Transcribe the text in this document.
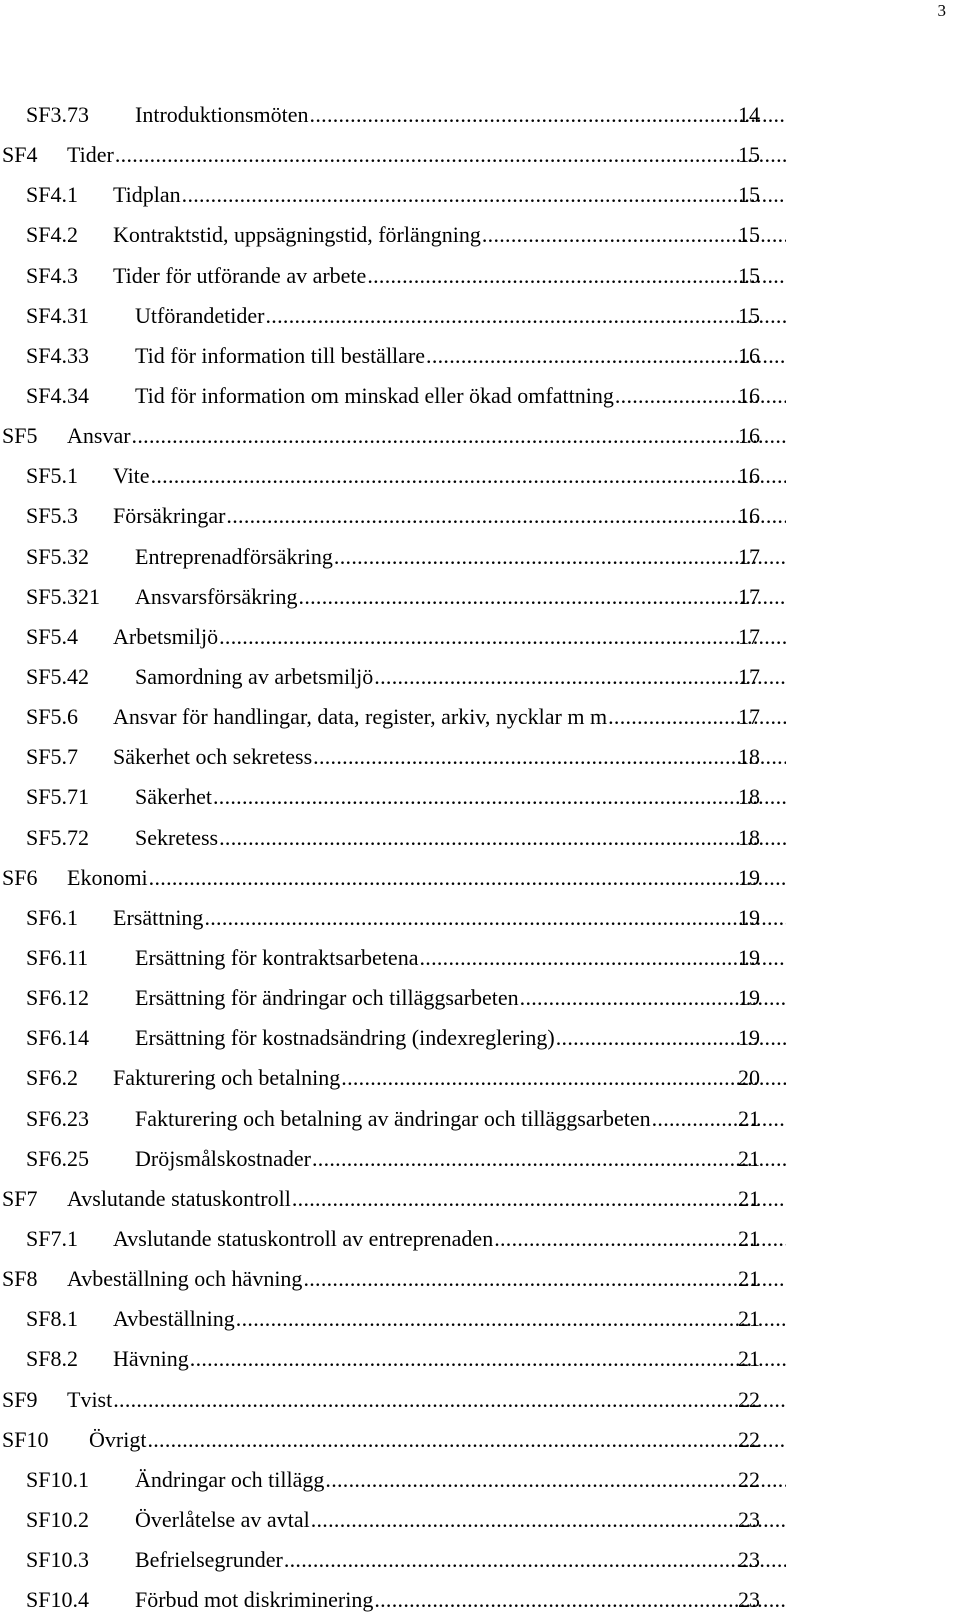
3
SF3.73 Introduktionsmöten .....	14
SF4 Tider .....	15
SF4.1 Tidplan .....	15
SF4.2 Kontraktstid, uppsägningstid, förlängning .....	15
SF4.3 Tider för utförande av arbete .....	15
SF4.31 Utförandetider .....	15
SF4.33 Tid för information till beställare .....	16
SF4.34 Tid för information om minskad eller ökad omfattning .....	16
SF5 Ansvar .....	16
SF5.1 Vite .....	16
SF5.3 Försäkringar .....	16
SF5.32 Entreprenadförsäkring .....	17
SF5.321 Ansvarsförsäkring .....	17
SF5.4 Arbetsmiljö .....	17
SF5.42 Samordning av arbetsmiljö .....	17
SF5.6 Ansvar för handlingar, data, register, arkiv, nycklar m m .....	17
SF5.7 Säkerhet och sekretess .....	18
SF5.71 Säkerhet .....	18
SF5.72 Sekretess .....	18
SF6 Ekonomi .....	19
SF6.1 Ersättning .....	19
SF6.11 Ersättning för kontraktsarbetena .....	19
SF6.12 Ersättning för ändringar och tilläggsarbeten .....	19
SF6.14 Ersättning för kostnadsändring (indexreglering) .....	19
SF6.2 Fakturering och betalning .....	20
SF6.23 Fakturering och betalning av ändringar och tilläggsarbeten .....	21
SF6.25 Dröjsmålskostnader .....	21
SF7 Avslutande statuskontroll .....	21
SF7.1 Avslutande statuskontroll av entreprenaden .....	21
SF8 Avbeställning och hävning .....	21
SF8.1 Avbeställning .....	21
SF8.2 Hävning .....	21
SF9 Tvist .....	22
SF10 Övrigt .....	22
SF10.1 Ändringar och tillägg .....	22
SF10.2 Överlåtelse av avtal .....	23
SF10.3 Befrielsegrunder .....	23
SF10.4 Förbud mot diskriminering .....	23
